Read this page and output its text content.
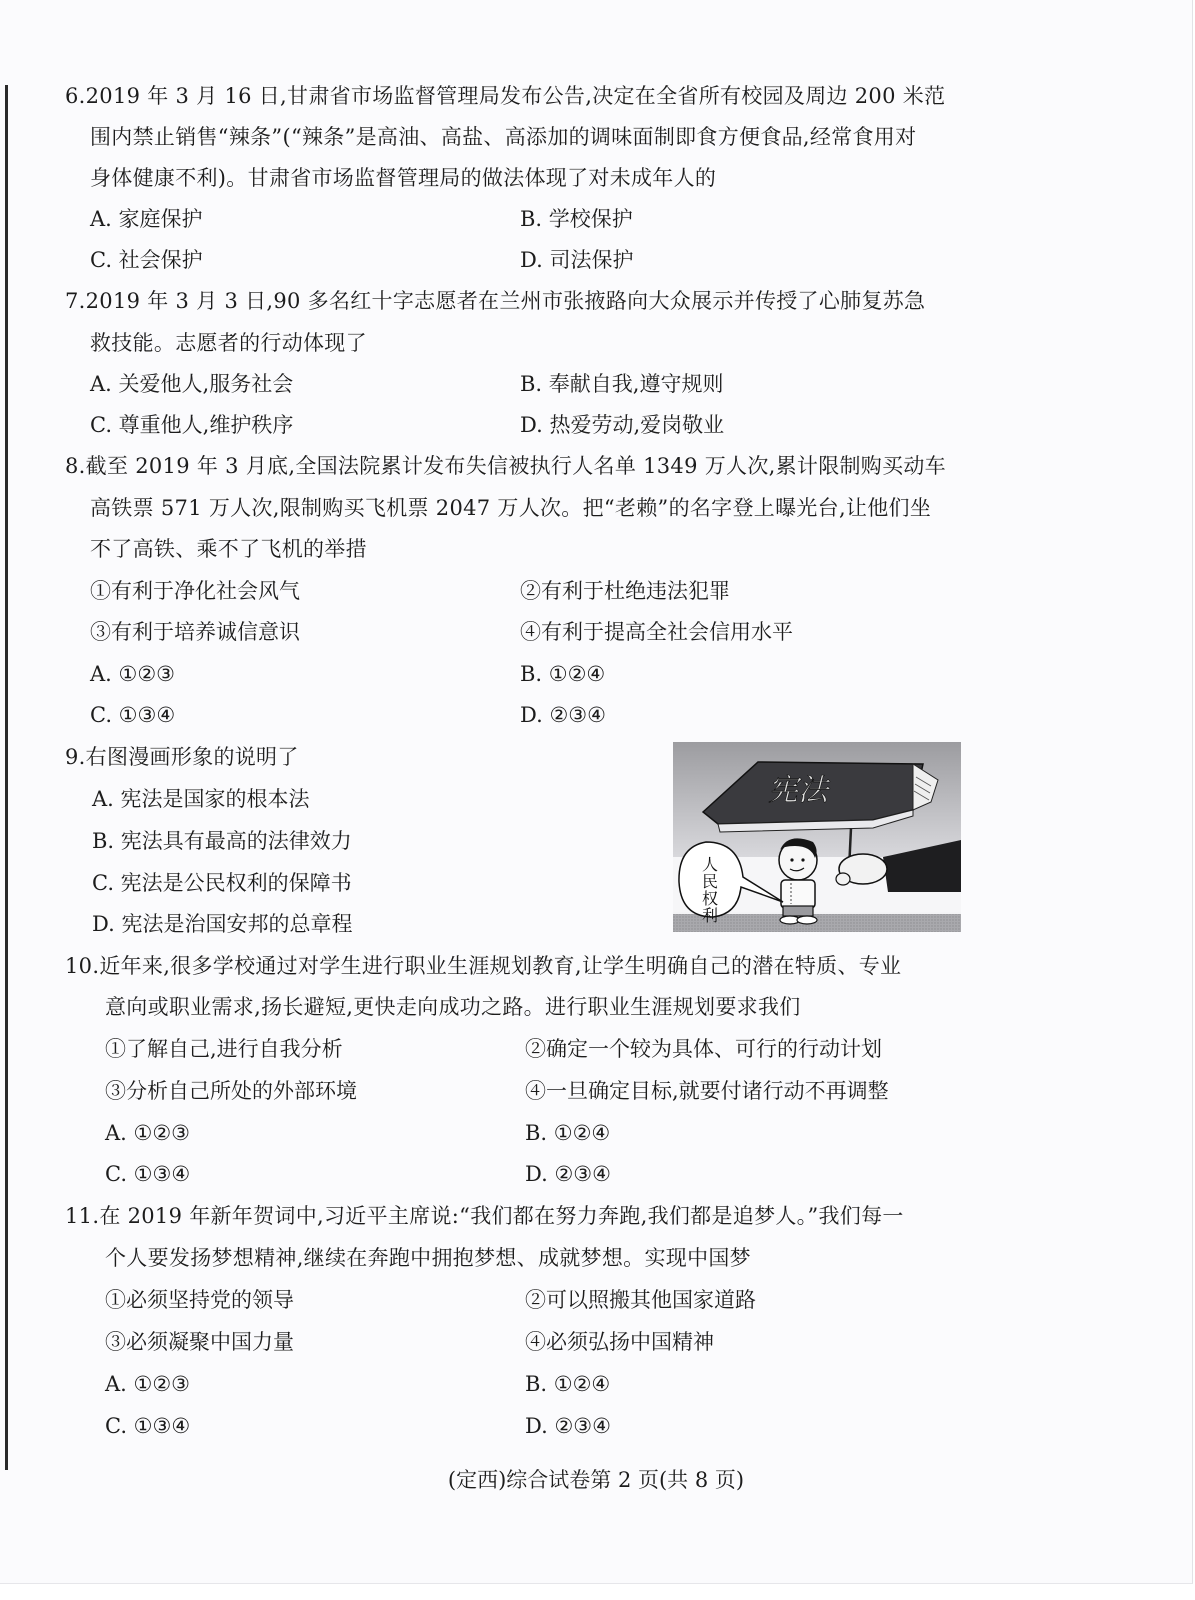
6.2019 年 3 月 16 日,甘肃省市场监督管理局发布公告,决定在全省所有校园及周边 200 米范
围内禁止销售“辣条”(“辣条”是高油、高盐、高添加的调味面制即食方便食品,经常食用对
身体健康不利)。甘肃省市场监督管理局的做法体现了对未成年人的
A. 家庭保护	B. 学校保护
C. 社会保护	D. 司法保护
7.2019 年 3 月 3 日,90 多名红十字志愿者在兰州市张掖路向大众展示并传授了心肺复苏急
救技能。志愿者的行动体现了
A. 关爱他人,服务社会	B. 奉献自我,遵守规则
C. 尊重他人,维护秩序	D. 热爱劳动,爱岗敬业
8.截至 2019 年 3 月底,全国法院累计发布失信被执行人名单 1349 万人次,累计限制购买动车
高铁票 571 万人次,限制购买飞机票 2047 万人次。把“老赖”的名字登上曝光台,让他们坐
不了高铁、乘不了飞机的举措
①有利于净化社会风气	②有利于杜绝违法犯罪
③有利于培养诚信意识	④有利于提高全社会信用水平
A. ①②③	B. ①②④
C. ①③④	D. ②③④
9.右图漫画形象的说明了
A. 宪法是国家的根本法
B. 宪法具有最高的法律效力
C. 宪法是公民权利的保障书
D. 宪法是治国安邦的总章程
宪法
人
民
权
利
10.近年来,很多学校通过对学生进行职业生涯规划教育,让学生明确自己的潜在特质、专业
意向或职业需求,扬长避短,更快走向成功之路。进行职业生涯规划要求我们
①了解自己,进行自我分析	②确定一个较为具体、可行的行动计划
③分析自己所处的外部环境	④一旦确定目标,就要付诸行动不再调整
A. ①②③	B. ①②④
C. ①③④	D. ②③④
11.在 2019 年新年贺词中,习近平主席说:“我们都在努力奔跑,我们都是追梦人。”我们每一
个人要发扬梦想精神,继续在奔跑中拥抱梦想、成就梦想。实现中国梦
①必须坚持党的领导	②可以照搬其他国家道路
③必须凝聚中国力量	④必须弘扬中国精神
A. ①②③	B. ①②④
C. ①③④	D. ②③④
(定西)综合试卷第 2 页(共 8 页)
